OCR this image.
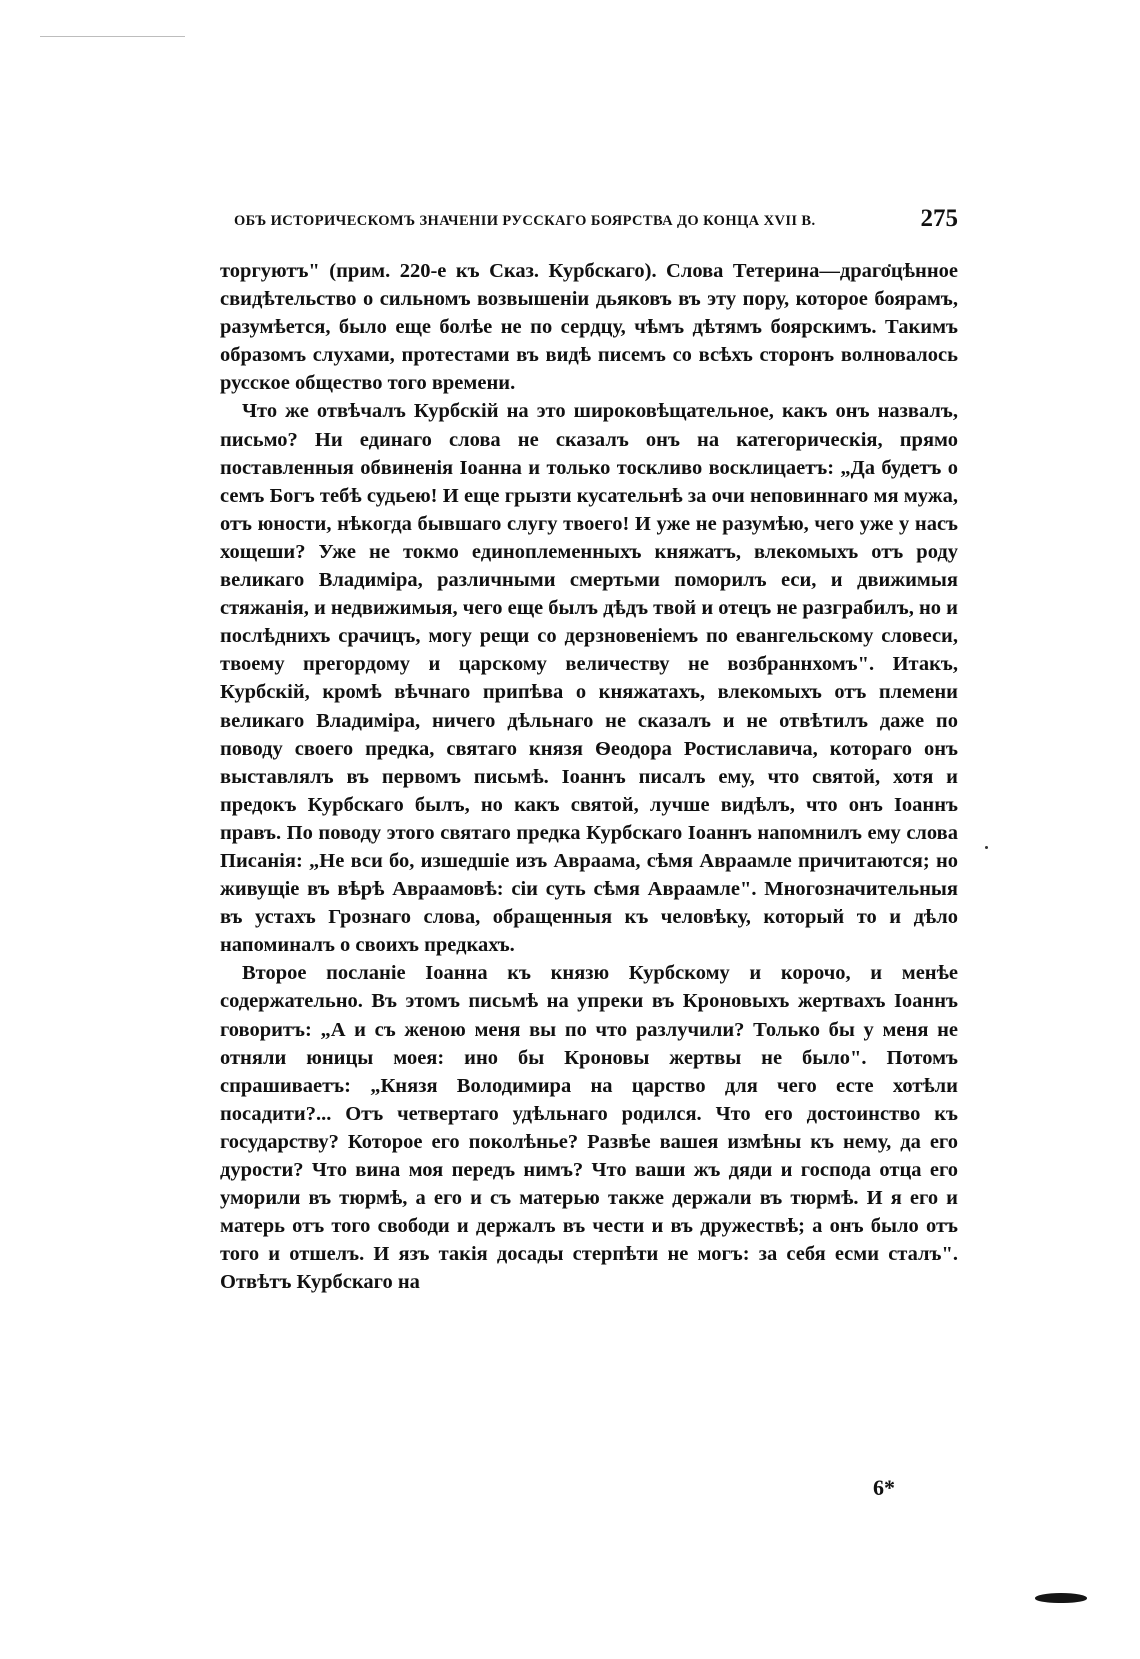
ОБЪ ИСТОРИЧЕСКОМЪ ЗНАЧЕНІИ РУССКАГО БОЯРСТВА ДО КОНЦА XVII В.	275

торгуютъ" (прим. 220-е къ Сказ. Курбскаго). Слова Тетерина—драгоцѣнное свидѣтельство о сильномъ возвышеніи дьяковъ въ эту пору, которое боярамъ, разумѣется, было еще болѣе не по сердцу, чѣмъ дѣтямъ боярскимъ. Такимъ образомъ слухами, протестами въ видѣ писемъ со всѣхъ сторонъ волновалось русское общество того времени.

Что же отвѣчалъ Курбскій на это широковѣщательное, какъ онъ назвалъ, письмо? Ни единаго слова не сказалъ онъ на категорическія, прямо поставленныя обвиненія Іоанна и только тоскливо восклицаетъ: „Да будетъ о семъ Богъ тебѣ судьею! И еще грызти кусательнѣ за очи неповиннаго мя мужа, отъ юности, нѣкогда бывшаго слугу твоего! И уже не разумѣю, чего уже у насъ хощеши? Уже не токмо единоплеменныхъ княжатъ, влекомыхъ отъ роду великаго Владиміра, различными смертьми поморилъ еси, и движимыя стяжанія, и недвижимыя, чего еще былъ дѣдъ твой и отецъ не разграбилъ, но и послѣднихъ срачицъ, могу рещи со дерзновеніемъ по евангельскому словеси, твоему прегордому и царскому величеству не возбраннхомъ". Итакъ, Курбскій, кромѣ вѣчнаго припѣва о княжатахъ, влекомыхъ отъ племени великаго Владиміра, ничего дѣльнаго не сказалъ и не отвѣтилъ даже по поводу своего предка, святаго князя Ѳеодора Ростиславича, котораго онъ выставлялъ въ первомъ письмѣ. Іоаннъ писалъ ему, что святой, хотя и предокъ Курбскаго былъ, но какъ святой, лучше видѣлъ, что онъ Іоаннъ правъ. По поводу этого святаго предка Курбскаго Іоаннъ напомнилъ ему слова Писанія: „Не вси бо, изшедшіе изъ Авраама, сѣмя Авраамле причитаются; но живущіе въ вѣрѣ Авраамовѣ: сіи суть сѣмя Авраамле". Многозначительныя въ устахъ Грознаго слова, обращенныя къ человѣку, который то и дѣло напоминалъ о своихъ предкахъ.

Второе посланіе Іоанна къ князю Курбскому и корочо, и менѣе содержательно. Въ этомъ письмѣ на упреки въ Кроновыхъ жертвахъ Іоаннъ говоритъ: „А и съ женою меня вы по что разлучили? Только бы у меня не отняли юницы моея: ино бы Кроновы жертвы не было". Потомъ спрашиваетъ: „Князя Володимира на царство для чего есте хотѣли посадити?... Отъ четвертаго удѣльнаго родился. Что его достоинство къ государству? Которое его поколѣнье? Развѣе вашея измѣны къ нему, да его дурости? Что вина моя передъ нимъ? Что ваши жъ дяди и господа отца его уморили въ тюрмѣ, а его и съ матерью также держали въ тюрмѣ. И я его и матерь отъ того свободи и держалъ въ чести и въ дружествѣ; а онъ было отъ того и отшелъ. И язъ такія досады стерпѣти не могъ: за себя есми сталъ". Отвѣтъ Курбскаго на

6*
